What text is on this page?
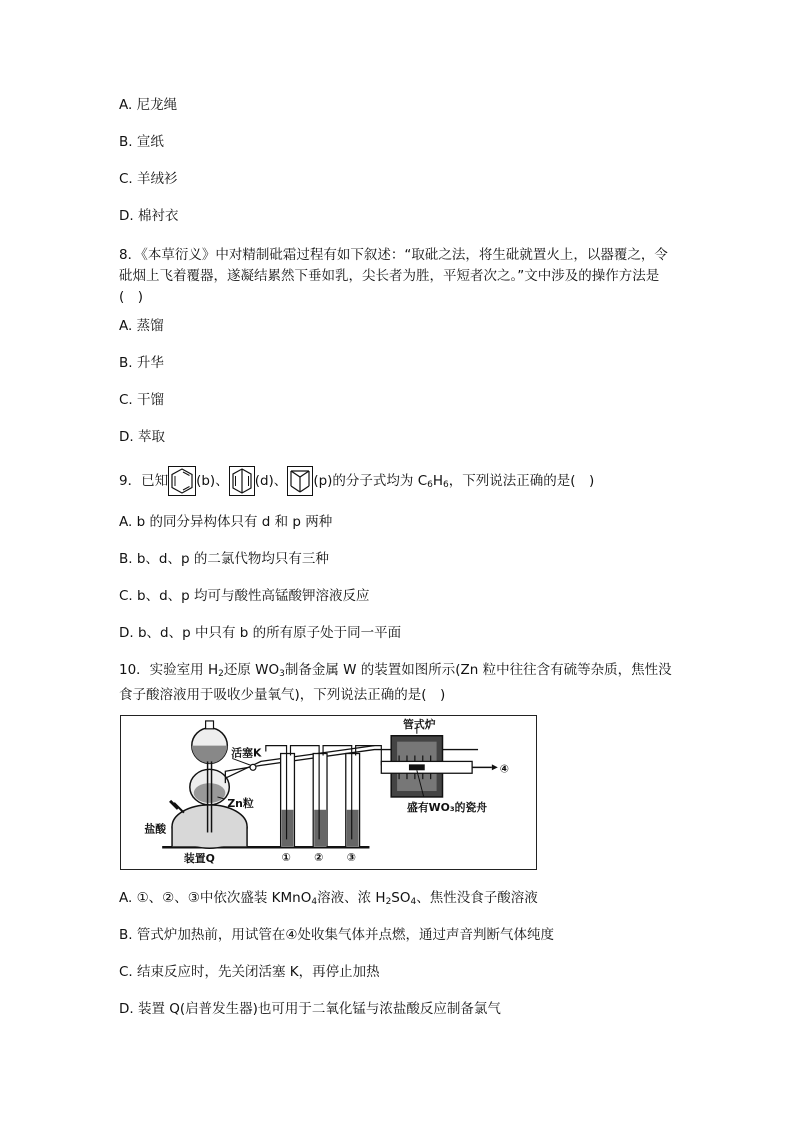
A. 尼龙绳
B. 宣纸
C. 羊绒衫
D. 棉衬衣
8．《本草衍义》中对精制砒霜过程有如下叙述：“取砒之法，将生砒就置火上，以器覆之，令砒烟上飞着覆器，遂凝结累然下垂如乳，尖长者为胜，平短者次之。”文中涉及的操作方法是(　)
A. 蒸馏
B. 升华
C. 干馏
D. 萃取
9．已知 (b)、 (d)、 (p)的分子式均为 $C_6H_6$，下列说法正确的是(　)
A. b 的同分异构体只有 d 和 p 两种
B. b、d、p 的二氯代物均只有三种
C. b、d、p 均可与酸性高锰酸钾溶液反应
D. b、d、p 中只有 b 的所有原子处于同一平面
10．实验室用 $H_2$还原 $WO_3$制备金属 W 的装置如图所示(Zn 粒中往往含有硫等杂质，焦性没食子酸溶液用于吸收少量氧气)，下列说法正确的是(　)
活塞K
管式炉
Zn粒
盐酸
装置Q
盛有WO₃的瓷舟
① ② ③
④
A. ①、②、③中依次盛装 KMnO$_4$溶液、浓 $H_2SO_4$、焦性没食子酸溶液
B. 管式炉加热前，用试管在④处收集气体并点燃，通过声音判断气体纯度
C. 结束反应时，先关闭活塞 K，再停止加热
D. 装置 Q(启普发生器)也可用于二氧化锰与浓盐酸反应制备氯气
